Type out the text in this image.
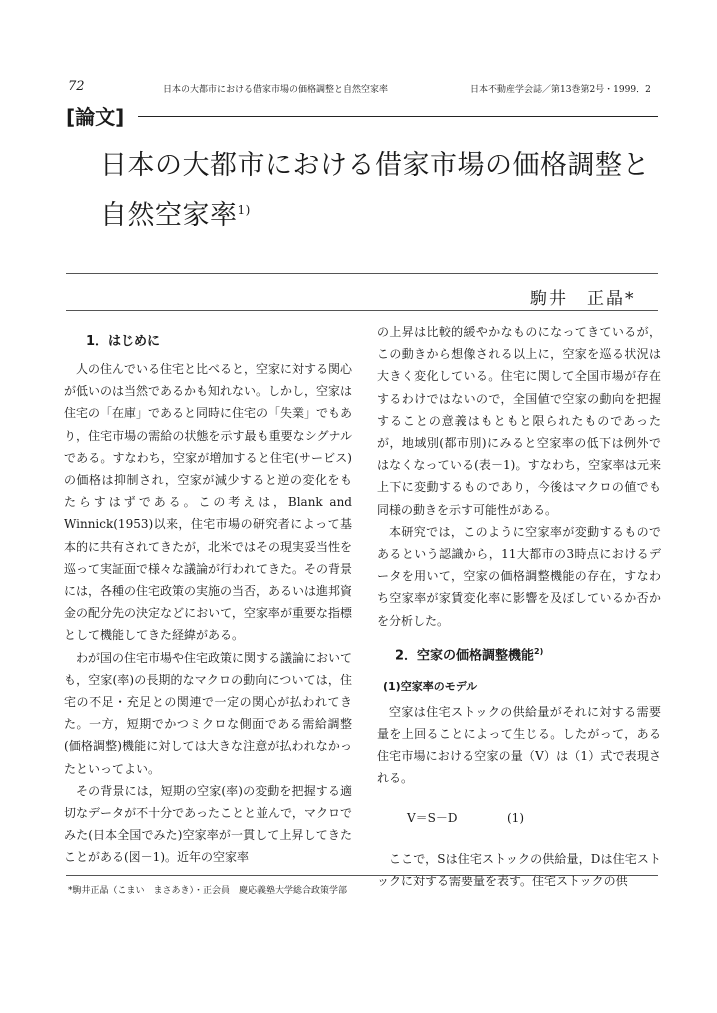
72	日本の大都市における借家市場の価格調整と自然空家率	日本不動産学会誌／第13巻第2号・1999．2
[論文]
日本の大都市における借家市場の価格調整と
自然空家率$^{1)}$
駒井　正晶*
1．はじめに

人の住んでいる住宅と比べると，空家に対する関心が低いのは当然であるかも知れない。しかし，空家は住宅の「在庫」であると同時に住宅の「失業」でもあり，住宅市場の需給の状態を示す最も重要なシグナルである。すなわち，空家が増加すると住宅(サービス)の価格は抑制され，空家が減少すると逆の変化をもたらすはずである。この考えは，Blank and Winnick(1953)以来，住宅市場の研究者によって基本的に共有されてきたが，北米ではその現実妥当性を巡って実証面で様々な議論が行われてきた。その背景には，各種の住宅政策の実施の当否，あるいは進邦資金の配分先の決定などにおいて，空家率が重要な指標として機能してきた経緯がある。

わが国の住宅市場や住宅政策に関する議論においても，空家(率)の長期的なマクロの動向については，住宅の不足・充足との関連で一定の関心が払われてきた。一方，短期でかつミクロな側面である需給調整(価格調整)機能に対しては大きな注意が払われなかったといってよい。

その背景には，短期の空家(率)の変動を把握する適切なデータが不十分であったことと並んで，マクロでみた(日本全国でみた)空家率が一貫して上昇してきたことがある(図－1)。近年の空家率

の上昇は比較的緩やかなものになってきているが，この動きから想像される以上に，空家を巡る状況は大きく変化している。住宅に関して全国市場が存在するわけではないので，全国値で空家の動向を把握することの意義はもともと限られたものであったが，地域別(都市別)にみると空家率の低下は例外ではなくなっている(表－1)。すなわち，空家率は元来上下に変動するものであり，今後はマクロの値でも同様の動きを示す可能性がある。

本研究では，このように空家率が変動するものであるという認識から，11大都市の3時点におけるデータを用いて，空家の価格調整機能の存在，すなわち空家率が家賃変化率に影響を及ぼしているか否かを分析した。

2．空家の価格調整機能$^{2)}$
(1)空家率のモデル

空家は住宅ストックの供給量がそれに対する需要量を上回ることによって生じる。したがって，ある住宅市場における空家の量（V）は（1）式で表現される。

V＝S－D	(1)

ここで，Sは住宅ストックの供給量，Dは住宅ストックに対する需要量を表す。住宅ストックの供

*駒井正晶（こまい　まさあき）・正会員　慶応義塾大学総合政策学部
